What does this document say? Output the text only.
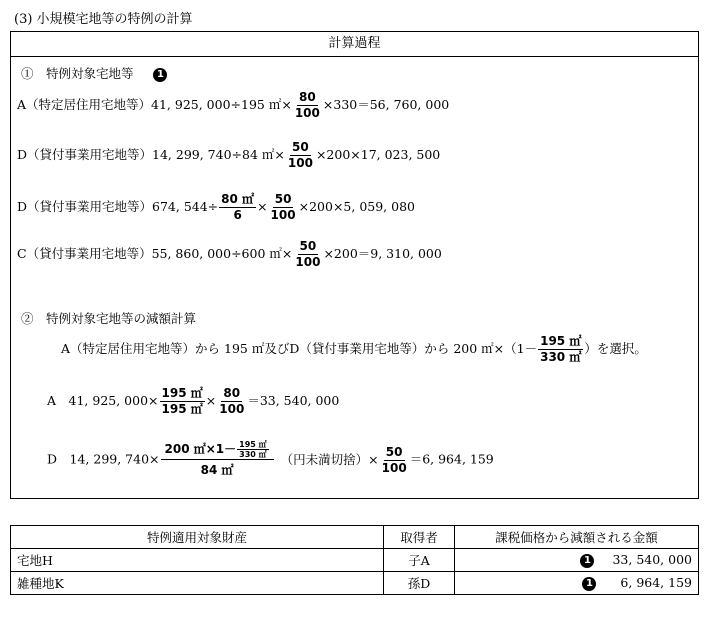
(3) 小規模宅地等の特例の計算
計算過程
①　特例対象宅地等 1
A（特定居住用宅地等）41, 925, 000÷195 ㎡× $\frac{80}{100} \times 330=56$, 760, 000
D（貸付事業用宅地等）14, 299, 740÷84 ㎡× $\frac{50}{100} \times 200\times 17$, 023, 500
D（貸付事業用宅地等）674, $544\div \frac{80 ㎡}{6} \times \frac{50}{100} \times 200\times 5$, 059, 080
C（貸付事業用宅地等）55, 860, 000÷600 ㎡× $\frac{50}{100} \times 200=9$, 310, 000
②　特例対象宅地等の減額計算
A（特定居住用宅地等）から 195 ㎡及びD（貸付事業用宅地等）から 200 ㎡×（1－ $\frac{195 ㎡}{330 ㎡}$ ）を選択。
A　41, 925, $000\times \frac{195 ㎡}{195 ㎡} \times \frac{80}{100} =33$, 540, 000
D　14, 299, $740\times \frac{200 ㎡\times 1- \frac{195 ㎡}{330 ㎡}}{84 ㎡}$ （円未満切捨）× $\frac{50}{100} =6$, 964, 159
特例適用対象財産	取得者	課税価格から減額される金額
宅地H	子A	1 33, 540, 000
雑種地K	孫D	1 6, 964, 159
